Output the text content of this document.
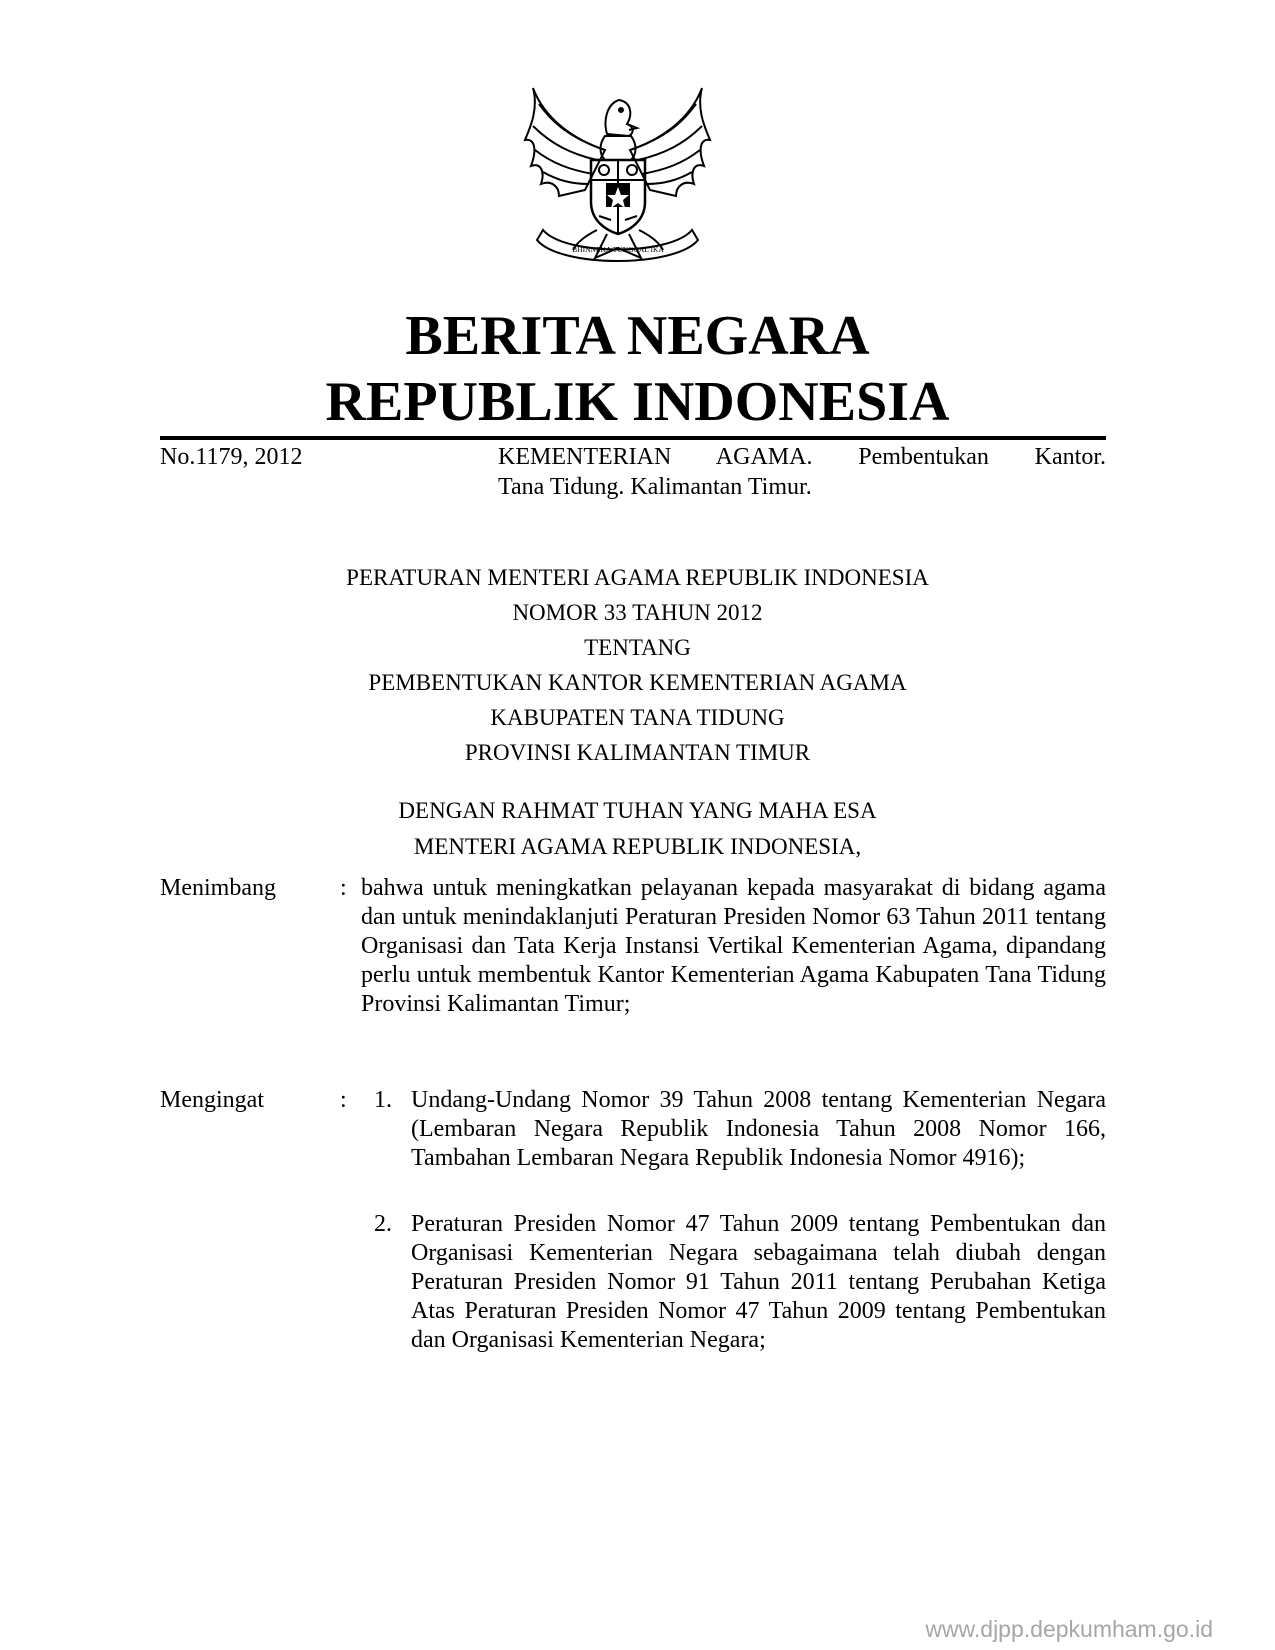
BHINNEKA TUNGGAL IKA
BERITA NEGARA
REPUBLIK INDONESIA
No.1179, 2012	KEMENTERIAN AGAMA. Pembentukan Kantor.
Tana Tidung. Kalimantan Timur.
PERATURAN MENTERI AGAMA REPUBLIK INDONESIA
NOMOR 33 TAHUN 2012
TENTANG
PEMBENTUKAN KANTOR KEMENTERIAN AGAMA
KABUPATEN TANA TIDUNG
PROVINSI KALIMANTAN TIMUR
DENGAN RAHMAT TUHAN YANG MAHA ESA
MENTERI AGAMA REPUBLIK INDONESIA,
Menimbang	: bahwa untuk meningkatkan pelayanan kepada masyarakat di bidang agama dan untuk menindaklanjuti Peraturan Presiden Nomor 63 Tahun 2011 tentang Organisasi dan Tata Kerja Instansi Vertikal Kementerian Agama, dipandang perlu untuk membentuk Kantor Kementerian Agama Kabupaten Tana Tidung Provinsi Kalimantan Timur;
Mengingat	: 1. Undang-Undang Nomor 39 Tahun 2008 tentang Kementerian Negara (Lembaran Negara Republik Indonesia Tahun 2008 Nomor 166, Tambahan Lembaran Negara Republik Indonesia Nomor 4916);
2. Peraturan Presiden Nomor 47 Tahun 2009 tentang Pembentukan dan Organisasi Kementerian Negara sebagaimana telah diubah dengan Peraturan Presiden Nomor 91 Tahun 2011 tentang Perubahan Ketiga Atas Peraturan Presiden Nomor 47 Tahun 2009 tentang Pembentukan dan Organisasi Kementerian Negara;
www.djpp.depkumham.go.id
